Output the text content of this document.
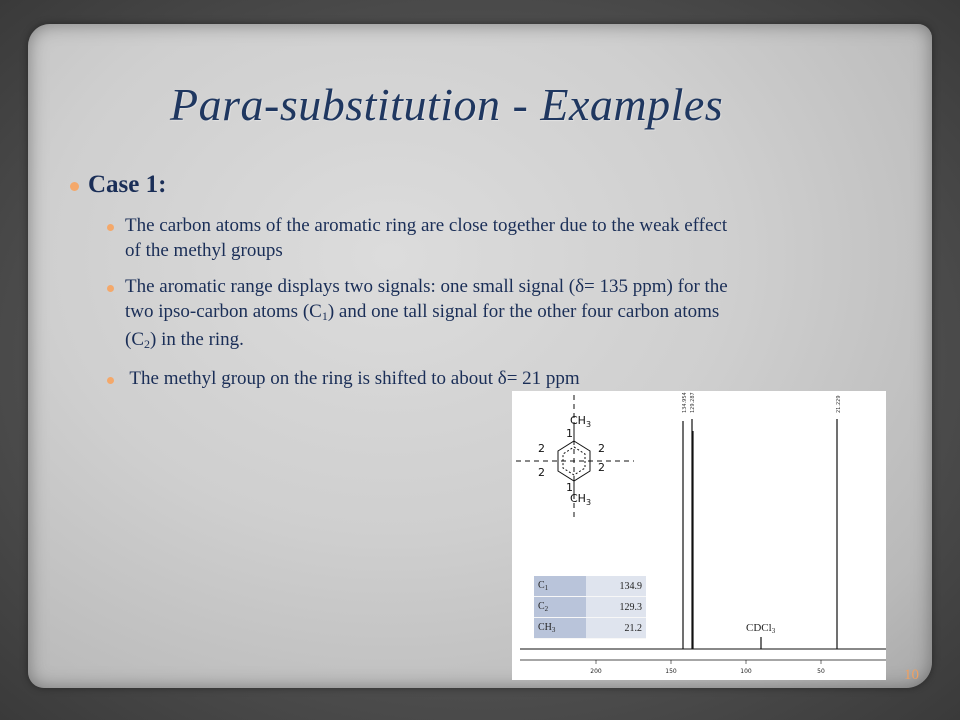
Para-substitution - Examples
Case 1:
The carbon atoms of the aromatic ring are close together due to the weak effect
of the methyl groups
The aromatic range displays two signals: one small signal (δ= 135 ppm) for the
two ipso-carbon atoms $(C_1)$ and one tall signal for the other four carbon atoms
$(C_2)$ in the ring.
The methyl group on the ring is shifted to about δ= 21 ppm
$CH_3$
$CH_3$
1
1
2	2
2	2
134.954 129.287	21.229
200	150	100	50
$C_1$	134.9
$C_2$	129.3
$CH_3$	21.2	CDCl$_3$
10
